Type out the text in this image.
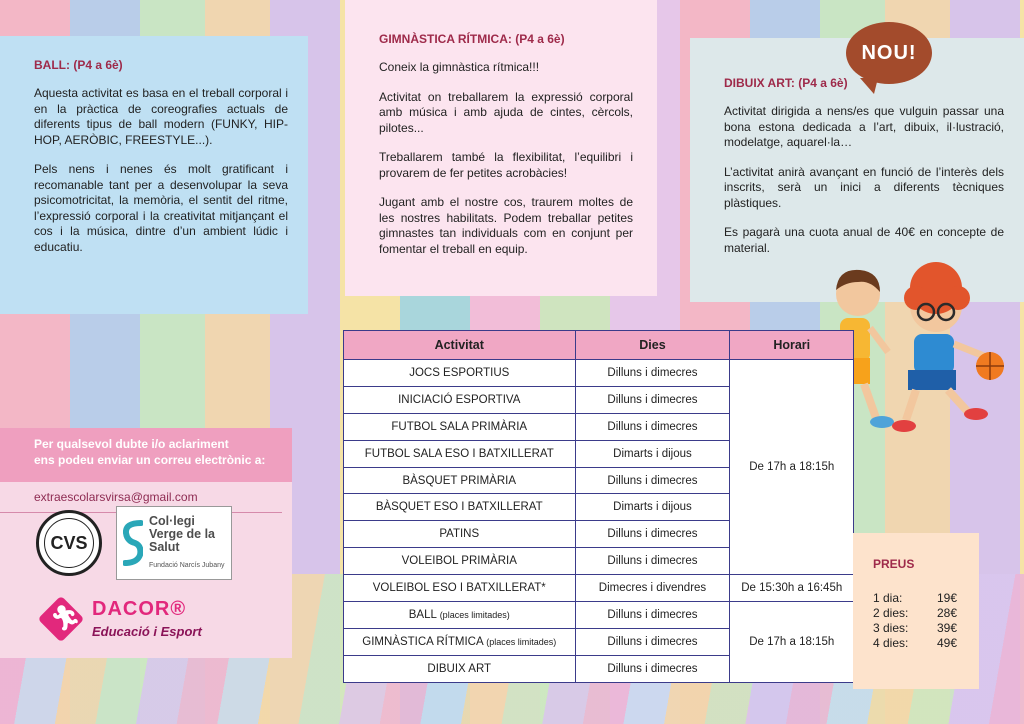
BALL: (P4 a 6è)

Aquesta activitat es basa en el treball corporal i en la pràctica de coreografies actuals de diferents tipus de ball modern (FUNKY, HIP-HOP, AERÒBIC, FREESTYLE...).

Pels nens i nenes és molt gratificant i recomanable tant per a desenvolupar la seva psicomotricitat, la memòria, el sentit del ritme, l’expressió corporal i la creativitat mitjançant el cos i la música, dintre d’un ambient lúdic i educatiu.

GIMNÀSTICA RÍTMICA: (P4 a 6è)

Coneix la gimnàstica rítmica!!!

Activitat on treballarem la expressió corporal amb música i amb ajuda de cintes, cèrcols, pilotes...

Treballarem també la flexibilitat, l’equilibri i provarem de fer petites acrobàcies!

Jugant amb el nostre cos, traurem moltes de les nostres habilitats. Podem treballar petites gimnastes tan individuals com en conjunt per fomentar el treball en equip.

DIBUIX ART: (P4 a 6è)

Activitat dirigida a nens/es que vulguin passar una bona estona dedicada a l’art, dibuix, il·lustració, modelatge, aquarel·la…

L’activitat anirà avançant en funció de l’interès dels inscrits, serà un inici a diferents tècniques plàstiques.

Es pagarà una cuota anual de 40€ en concepte de material.

NOU!
Per qualsevol dubte i/o aclariment
ens podeu enviar un correu electrònic a:
extraescolarsvirsa@gmail.com
CVS
Col·legi
Verge de la
Salut
Fundació Narcís Jubany
🏃︎ DACOR®
Educació i Esport
Activitat	Dies	Horari
JOCS ESPORTIUS	Dilluns i dimecres	De 17h a 18:15h
INICIACIÓ ESPORTIVA	Dilluns i dimecres	
FUTBOL SALA PRIMÀRIA	Dilluns i dimecres	
FUTBOL SALA ESO I BATXILLERAT	Dimarts i dijous	
BÀSQUET PRIMÀRIA	Dilluns i dimecres	
BÀSQUET ESO I BATXILLERAT	Dimarts i dijous	
PATINS	Dilluns i dimecres	
VOLEIBOL PRIMÀRIA	Dilluns i dimecres	
VOLEIBOL ESO I BATXILLERAT*	Dimecres i divendres	De 15:30h a 16:45h
BALL (places limitades)	Dilluns i dimecres	De 17h a 18:15h
GIMNÀSTICA RÍTMICA (places limitades)	Dilluns i dimecres	
DIBUIX ART	Dilluns i dimecres	
PREUS
1 dia:	19€
2 dies: 28€
3 dies: 39€
4 dies: 49€
